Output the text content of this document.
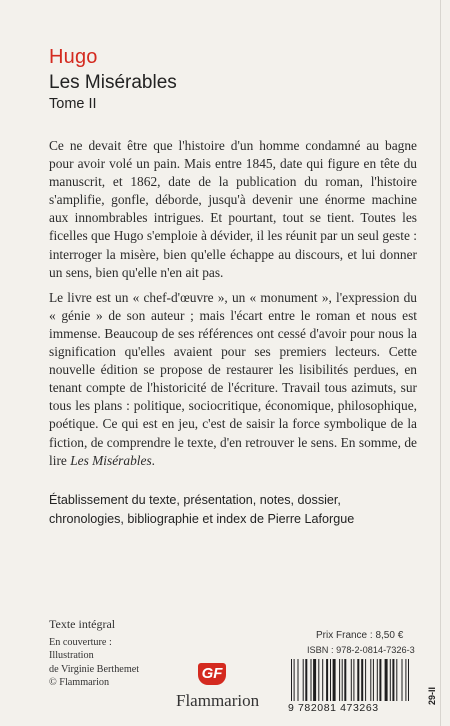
Hugo
Les Misérables
Tome II

Ce ne devait être que l'histoire d'un homme condamné au bagne pour avoir volé un pain. Mais entre 1845, date qui figure en tête du manuscrit, et 1862, date de la publication du roman, l'histoire s'amplifie, gonfle, déborde, jusqu'à devenir une énorme machine aux innombrables intrigues. Et pourtant, tout se tient. Toutes les ficelles que Hugo s'emploie à dévider, il les réunit par un seul geste : interroger la misère, bien qu'elle échappe au discours, et lui donner un sens, bien qu'elle n'en ait pas.

Le livre est un « chef-d'œuvre », un « monument », l'expression du « génie » de son auteur ; mais l'écart entre le roman et nous est immense. Beaucoup de ses références ont cessé d'avoir pour nous la signification qu'elles avaient pour ses premiers lecteurs. Cette nouvelle édition se propose de restaurer les lisibilités perdues, en tenant compte de l'historicité de l'écriture. Travail tous azimuts, sur tous les plans : politique, sociocritique, économique, philosophique, poétique. Ce qui est en jeu, c'est de saisir la force symbolique de la fiction, de comprendre le texte, d'en retrouver le sens. En somme, de lire Les Misérables.

Établissement du texte, présentation, notes, dossier, chronologies, bibliographie et index de Pierre Laforgue
Texte intégral
En couverture :
Illustration
de Virginie Berthemet
© Flammarion
GF
Flammarion
Prix France : 8,50 €
ISBN : 978-2-0814-7326-3
9 782081 473263
29-II
